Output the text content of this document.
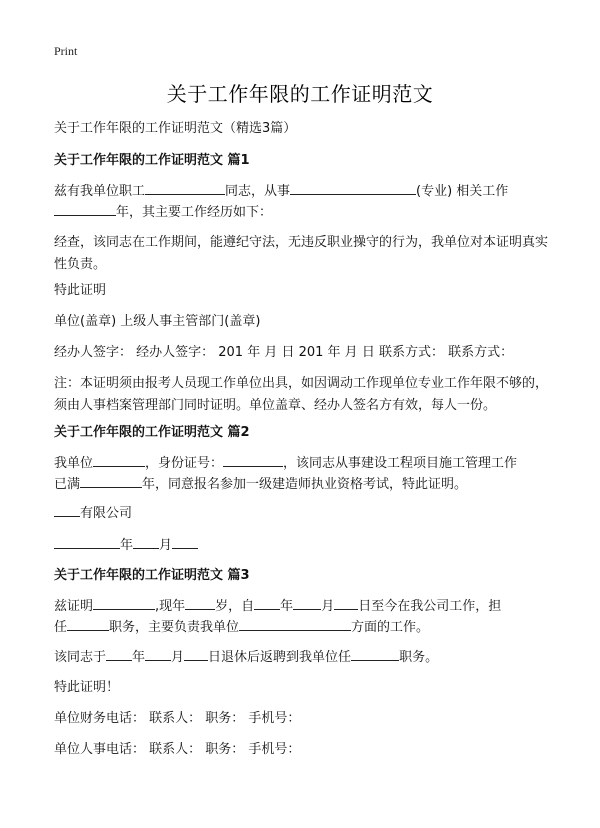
Print
关于工作年限的工作证明范文
关于工作年限的工作证明范文（精选3篇）
关于工作年限的工作证明范文 篇1
兹有我单位职工	同志，从事	(专业) 相关工作
年，其主要工作经历如下：
经查，该同志在工作期间，能遵纪守法，无违反职业操守的行为，我单位对本证明真实性负责。
特此证明
单位(盖章) 上级人事主管部门(盖章)
经办人签字： 经办人签字： 201 年 月 日 201 年 月 日 联系方式： 联系方式：
注：本证明须由报考人员现工作单位出具，如因调动工作现单位专业工作年限不够的，须由人事档案管理部门同时证明。单位盖章、经办人签名方有效，每人一份。
关于工作年限的工作证明范文 篇2
我单位	，身份证号：	，该同志从事建设工程项目施工管理工作
已满	年，同意报名参加一级建造师执业资格考试，特此证明。
有限公司
年 月
关于工作年限的工作证明范文 篇3
兹证明	,现年 岁，自 年 月 日至今在我公司工作，担
任	职务，主要负责我单位	方面的工作。
该同志于 年 月 日退休后返聘到我单位任	职务。
特此证明！
单位财务电话： 联系人： 职务： 手机号：
单位人事电话： 联系人： 职务： 手机号：
